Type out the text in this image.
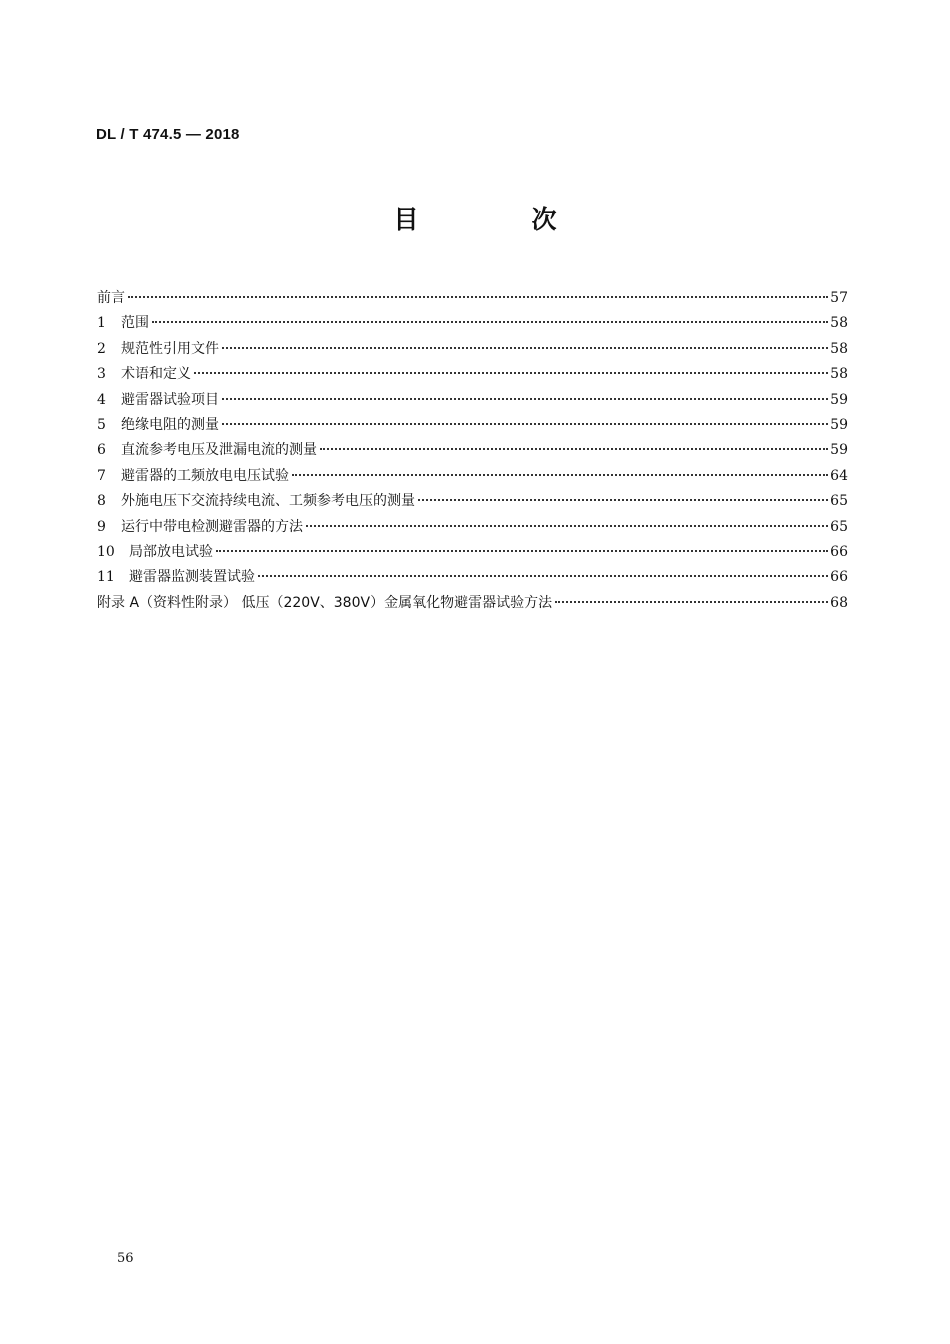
DL / T 474.5 — 2018
目　次
前言	57
1	范围	58
2	规范性引用文件	58
3	术语和定义	58
4	避雷器试验项目	59
5	绝缘电阻的测量	59
6	直流参考电压及泄漏电流的测量	59
7	避雷器的工频放电电压试验	64
8	外施电压下交流持续电流、工频参考电压的测量	65
9	运行中带电检测避雷器的方法	65
10	局部放电试验	66
11	避雷器监测装置试验	66
附录 A（资料性附录） 低压（220V、380V）金属氧化物避雷器试验方法	68
56
